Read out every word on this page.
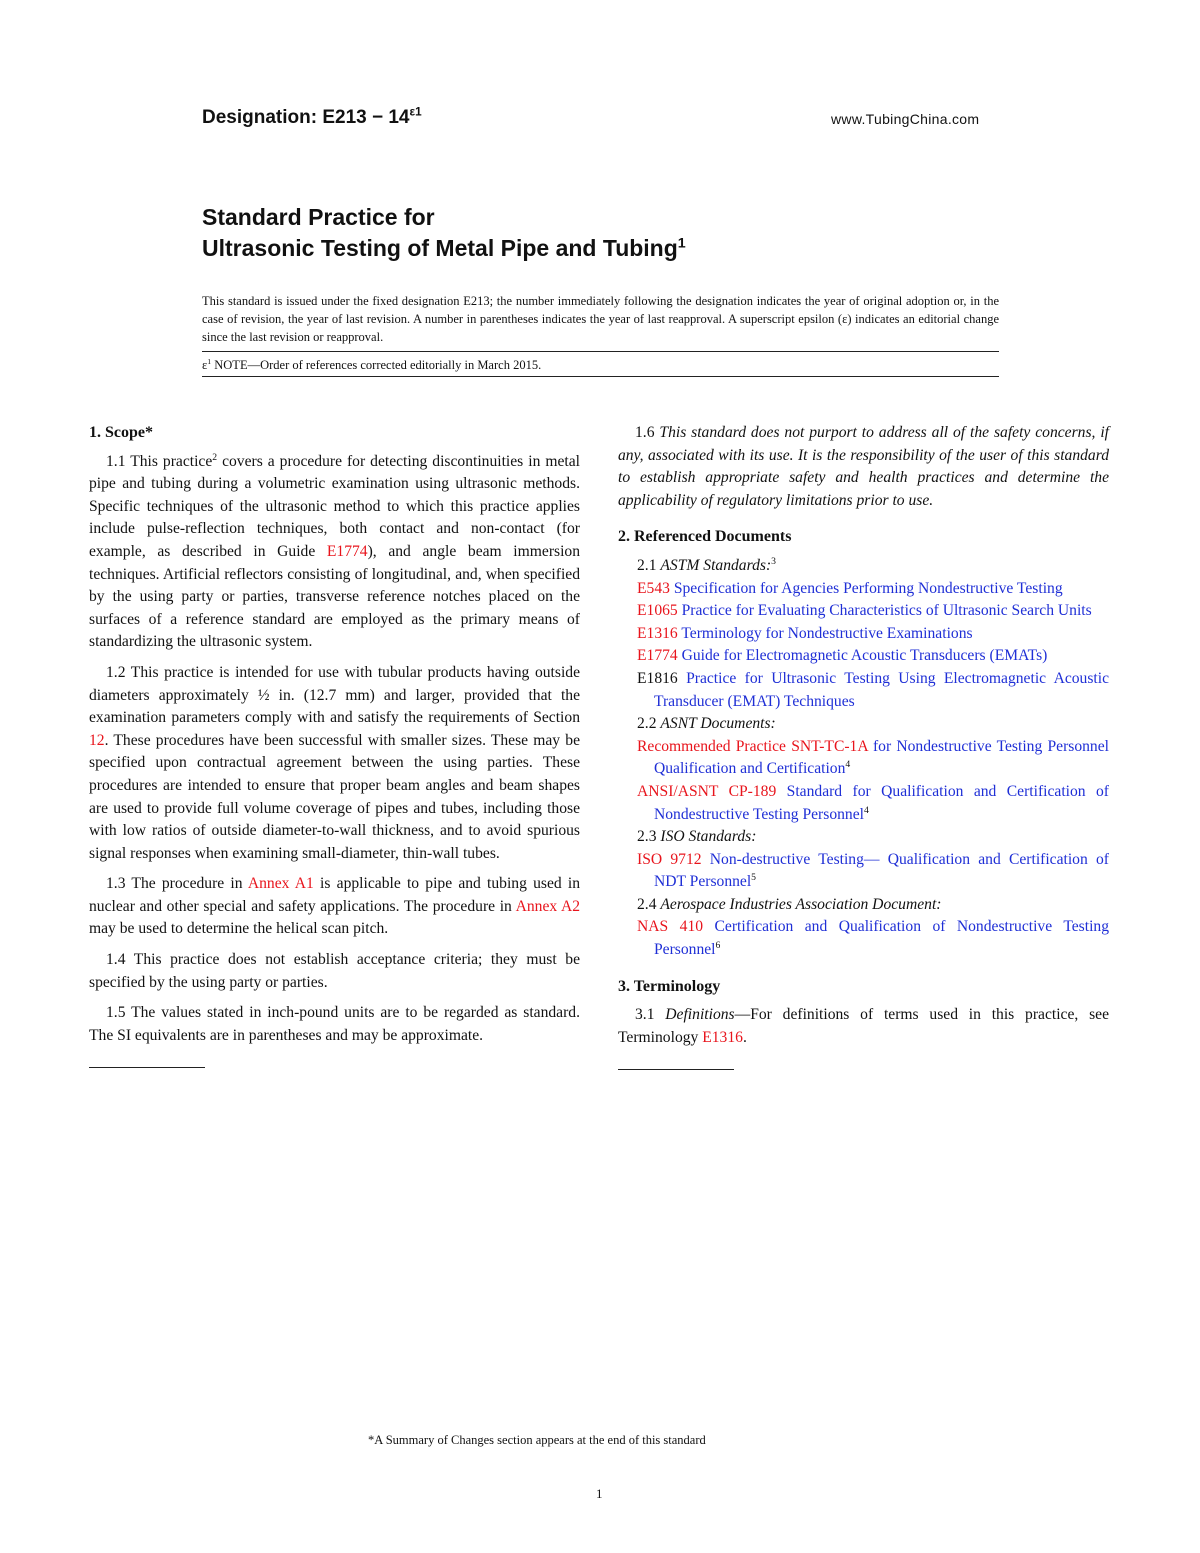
Designation: $E213 - 14^{\varepsilon 1}$	www.TubingChina.com
Standard Practice for
Ultrasonic Testing of Metal Pipe and Tubing$^1$
This standard is issued under the fixed designation E213; the number immediately following the designation indicates the year of original adoption or, in the case of revision, the year of last revision. A number in parentheses indicates the year of last reapproval. A superscript epsilon (ε) indicates an editorial change since the last revision or reapproval.
$\varepsilon^1$ NOTE—Order of references corrected editorially in March 2015.
1. Scope*

1.1 This practice$^2$ covers a procedure for detecting discontinuities in metal pipe and tubing during a volumetric examination using ultrasonic methods. Specific techniques of the ultrasonic method to which this practice applies include pulse-reflection techniques, both contact and non-contact (for example, as described in Guide E1774), and angle beam immersion techniques. Artificial reflectors consisting of longitudinal, and, when specified by the using party or parties, transverse reference notches placed on the surfaces of a reference standard are employed as the primary means of standardizing the ultrasonic system.

1.2 This practice is intended for use with tubular products having outside diameters approximately ½ in. (12.7 mm) and larger, provided that the examination parameters comply with and satisfy the requirements of Section 12. These procedures have been successful with smaller sizes. These may be specified upon contractual agreement between the using parties. These procedures are intended to ensure that proper beam angles and beam shapes are used to provide full volume coverage of pipes and tubes, including those with low ratios of outside diameter-to-wall thickness, and to avoid spurious signal responses when examining small-diameter, thin-wall tubes.

1.3 The procedure in Annex A1 is applicable to pipe and tubing used in nuclear and other special and safety applications. The procedure in Annex A2 may be used to determine the helical scan pitch.

1.4 This practice does not establish acceptance criteria; they must be specified by the using party or parties.

1.5 The values stated in inch-pound units are to be regarded as standard. The SI equivalents are in parentheses and may be approximate.

1.6 This standard does not purport to address all of the safety concerns, if any, associated with its use. It is the responsibility of the user of this standard to establish appropriate safety and health practices and determine the applicability of regulatory limitations prior to use.

2. Referenced Documents
2.1 ASTM Standards:$^3$
E543 Specification for Agencies Performing Nondestructive Testing
E1065 Practice for Evaluating Characteristics of Ultrasonic Search Units
E1316 Terminology for Nondestructive Examinations
E1774 Guide for Electromagnetic Acoustic Transducers (EMATs)
E1816 Practice for Ultrasonic Testing Using Electromagnetic Acoustic Transducer (EMAT) Techniques
2.2 ASNT Documents:
Recommended Practice SNT-TC-1A for Nondestructive Testing Personnel Qualification and Certification$^4$
ANSI/ASNT CP-189 Standard for Qualification and Certification of Nondestructive Testing Personnel$^4$
2.3 ISO Standards:
ISO 9712 Non-destructive Testing— Qualification and Certification of NDT Personnel$^5$
2.4 Aerospace Industries Association Document:
NAS 410 Certification and Qualification of Nondestructive Testing Personnel$^6$
3. Terminology

3.1 Definitions—For definitions of terms used in this practice, see Terminology E1316.

*A Summary of Changes section appears at the end of this standard
1
